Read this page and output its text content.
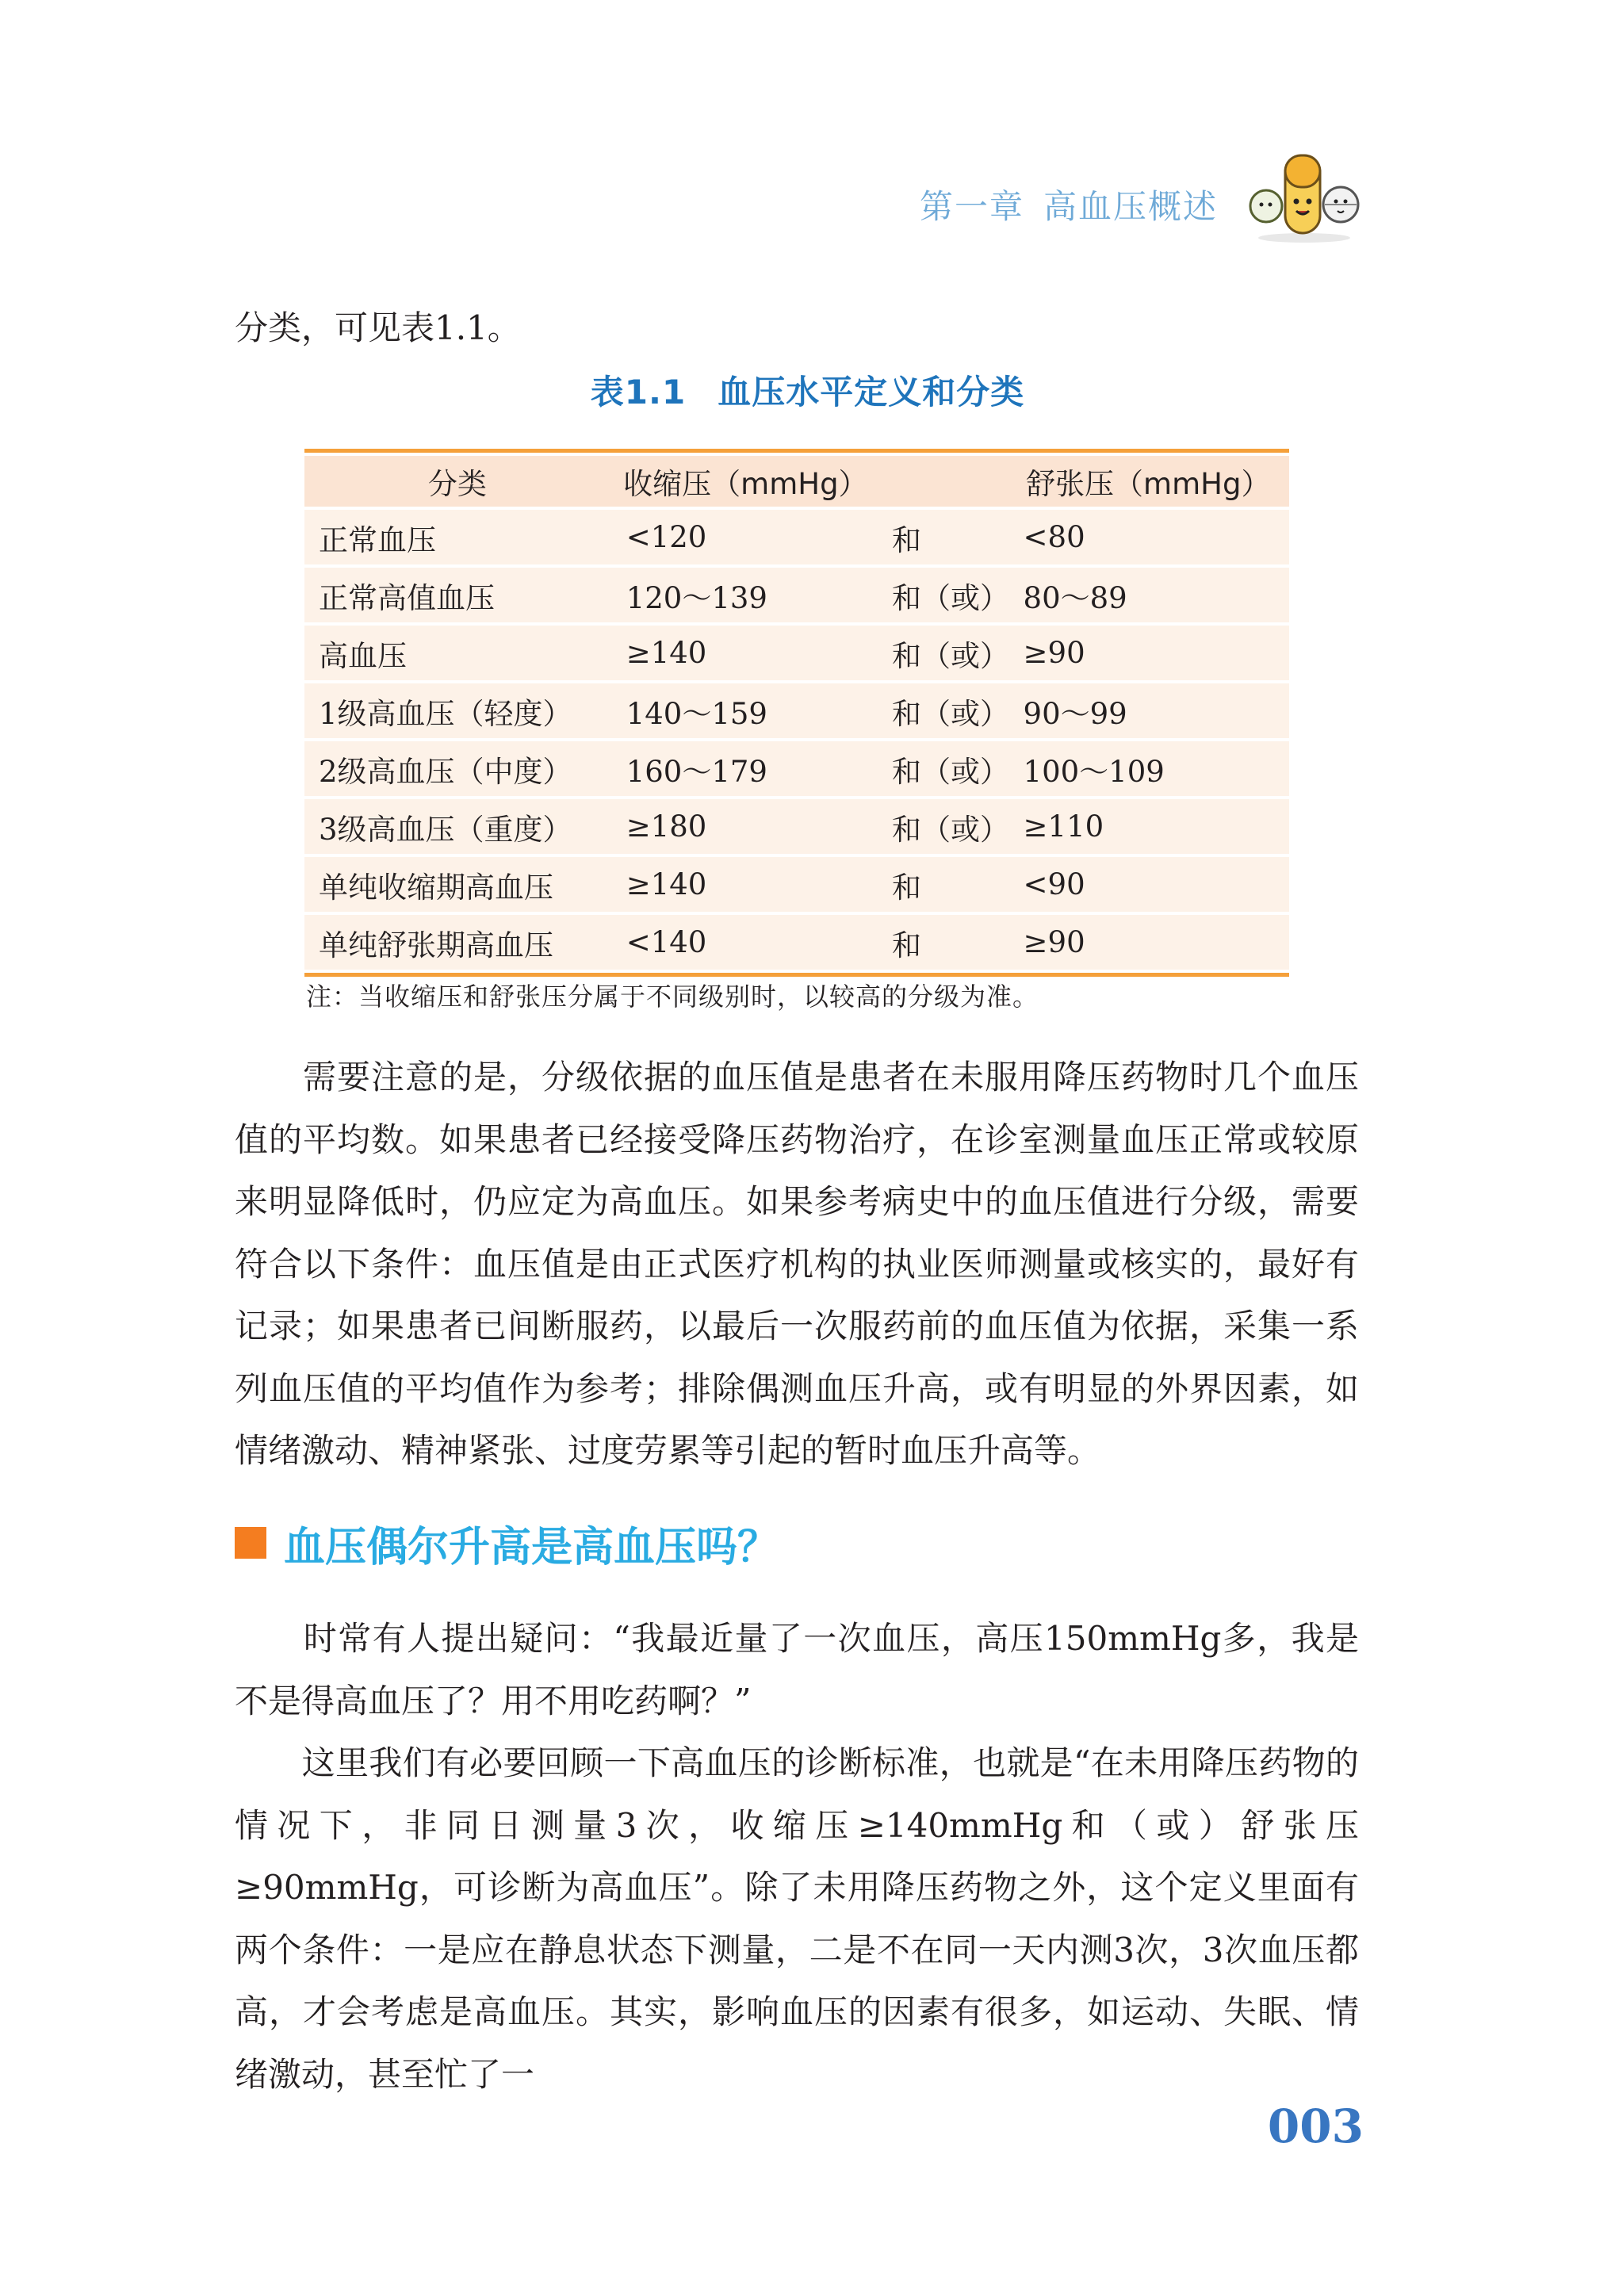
第一章 高血压概述

分类，可见表1.1。

表1.1 血压水平定义和分类
分类	收缩压（mmHg）		舒张压（mmHg）
正常血压	<120	和	<80
正常高值血压	120～139	和（或）	80～89
高血压	≥140	和（或）	≥90
1级高血压（轻度）	140～159	和（或）	90～99
2级高血压（中度）	160～179	和（或）	100～109
3级高血压（重度）	≥180	和（或）	≥110
单纯收缩期高血压	≥140	和	<90
单纯舒张期高血压	<140	和	≥90

注：当收缩压和舒张压分属于不同级别时，以较高的分级为准。

　　需要注意的是，分级依据的血压值是患者在未服用降压药物时几个血压值的平均数。如果患者已经接受降压药物治疗，在诊室测量血压正常或较原来明显降低时，仍应定为高血压。如果参考病史中的血压值进行分级，需要符合以下条件：血压值是由正式医疗机构的执业医师测量或核实的，最好有记录；如果患者已间断服药，以最后一次服药前的血压值为依据，采集一系列血压值的平均值作为参考；排除偶测血压升高，或有明显的外界因素，如情绪激动、精神紧张、过度劳累等引起的暂时血压升高等。

血压偶尔升高是高血压吗？

　　时常有人提出疑问：“我最近量了一次血压，高压150mmHg多，我是不是得高血压了？用不用吃药啊？”

　　这里我们有必要回顾一下高血压的诊断标准，也就是“在未用降压药物的情况下，非同日测量3次，收缩压≥140mmHg和（或）舒张压≥90mmHg，可诊断为高血压”。除了未用降压药物之外，这个定义里面有两个条件：一是应在静息状态下测量，二是不在同一天内测3次，3次血压都高，才会考虑是高血压。其实，影响血压的因素有很多，如运动、失眠、情绪激动，甚至忙了一

003
